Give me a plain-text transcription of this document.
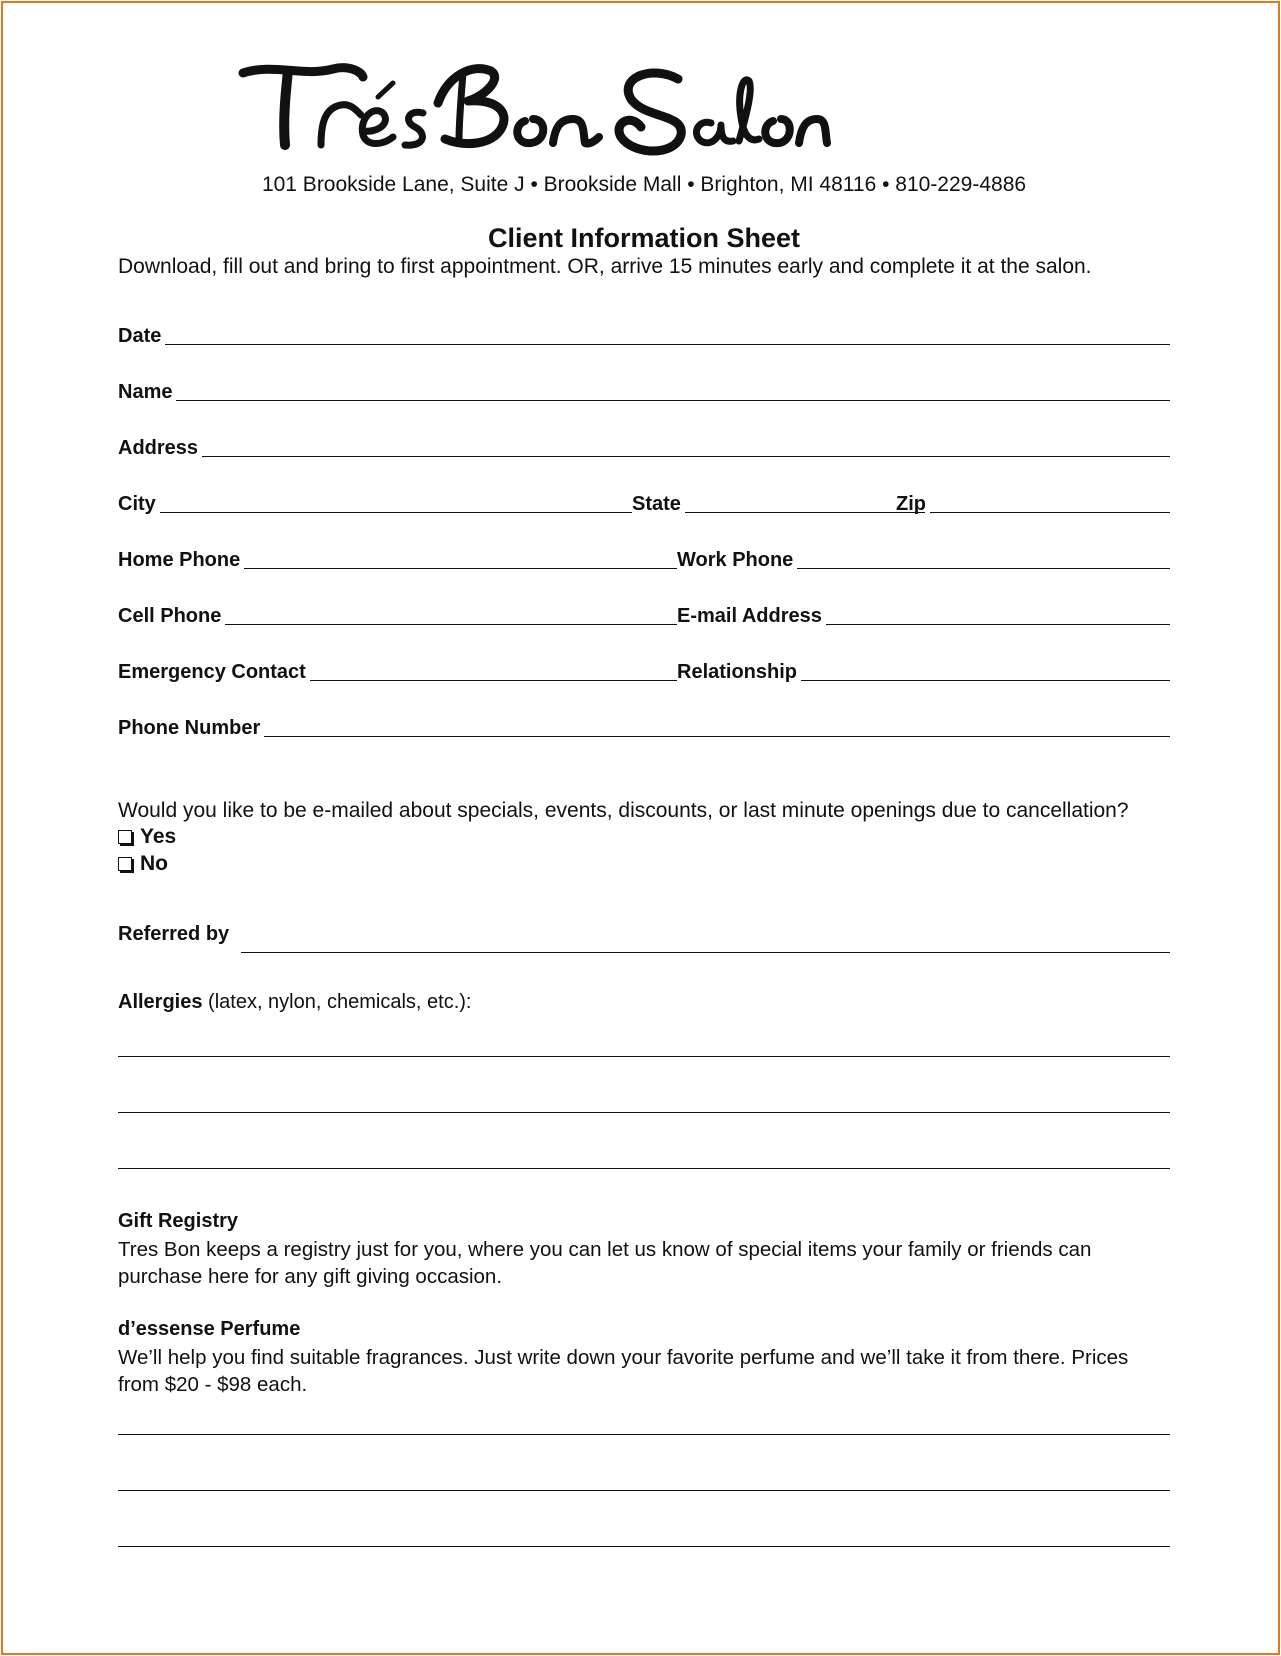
101 Brookside Lane, Suite J • Brookside Mall • Brighton, MI 48116 • 810-229-4886
Client Information Sheet
Download, fill out and bring to first appointment. OR, arrive 15 minutes early and complete it at the salon.
Date
Name
Address
City	State	Zip
Home Phone	Work Phone
Cell Phone	E-mail Address
Emergency Contact	Relationship
Phone Number
Would you like to be e-mailed about specials, events, discounts, or last minute openings due to cancellation?
Yes
No
Referred by
Allergies (latex, nylon, chemicals, etc.):
Gift Registry
Tres Bon keeps a registry just for you, where you can let us know of special items your family or friends can purchase here for any gift giving occasion.
d’essense Perfume
We’ll help you find suitable fragrances. Just write down your favorite perfume and we’ll take it from there. Prices from $20 - $98 each.
